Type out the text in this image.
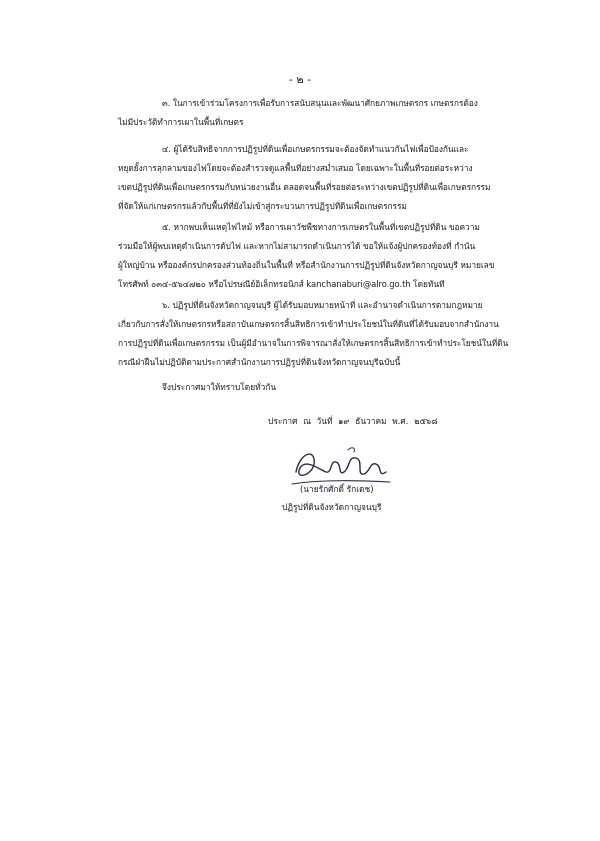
- ๒ -
๓. ในการเข้าร่วมโครงการเพื่อรับการสนับสนุนและพัฒนาศักยภาพเกษตรกร เกษตรกรต้อง
ไม่มีประวัติทำการเผาในพื้นที่เกษตร
๔. ผู้ได้รับสิทธิจากการปฏิรูปที่ดินเพื่อเกษตรกรรมจะต้องจัดทำแนวกันไฟเพื่อป้องกันและ
หยุดยั้งการลุกลามของไฟโดยจะต้องสำรวจดูแลพื้นที่อย่างสม่ำเสมอ โดยเฉพาะในพื้นที่รอยต่อระหว่าง
เขตปฏิรูปที่ดินเพื่อเกษตรกรรมกับหน่วยงานอื่น ตลอดจนพื้นที่รอยต่อระหว่างเขตปฏิรูปที่ดินเพื่อเกษตรกรรม
ที่จัดให้แก่เกษตรกรแล้วกับพื้นที่ที่ยังไม่เข้าสู่กระบวนการปฏิรูปที่ดินเพื่อเกษตรกรรม
๕. หากพบเห็นเหตุไฟไหม้ หรือการเผาวัชพืชทางการเกษตรในพื้นที่เขตปฏิรูปที่ดิน ขอความ
ร่วมมือให้ผู้พบเหตุดำเนินการดับไฟ และหากไม่สามารถดำเนินการได้ ขอให้แจ้งผู้ปกครองท้องที่ กำนัน
ผู้ใหญ่บ้าน หรือองค์กรปกครองส่วนท้องถิ่นในพื้นที่ หรือสำนักงานการปฏิรูปที่ดินจังหวัดกาญจนบุรี หมายเลข
โทรศัพท์ ๐๓๔-๕๖๔๗๒๐ หรือไปรษณีย์อิเล็กทรอนิกส์ kanchanaburi@alro.go.th โดยทันที
๖. ปฏิรูปที่ดินจังหวัดกาญจนบุรี ผู้ได้รับมอบหมายหน้าที่ และอำนาจดำเนินการตามกฎหมาย
เกี่ยวกับการสั่งให้เกษตรกรหรือสถาบันเกษตรกรสิ้นสิทธิการเข้าทำประโยชน์ในที่ดินที่ได้รับมอบจากสำนักงาน
การปฏิรูปที่ดินเพื่อเกษตรกรรม เป็นผู้มีอำนาจในการพิจารณาสั่งให้เกษตรกรสิ้นสิทธิการเข้าทำประโยชน์ในที่ดิน
กรณีฝ่าฝืนไม่ปฏิบัติตามประกาศสำนักงานการปฏิรูปที่ดินจังหวัดกาญจนบุรีฉบับนี้
จึงประกาศมาให้ทราบโดยทั่วกัน
ประกาศ ณ วันที่ ๑๙ ธันวาคม พ.ศ. ๒๕๖๘
(นายรักศักดิ์ รักเดช)
ปฏิรูปที่ดินจังหวัดกาญจนบุรี
